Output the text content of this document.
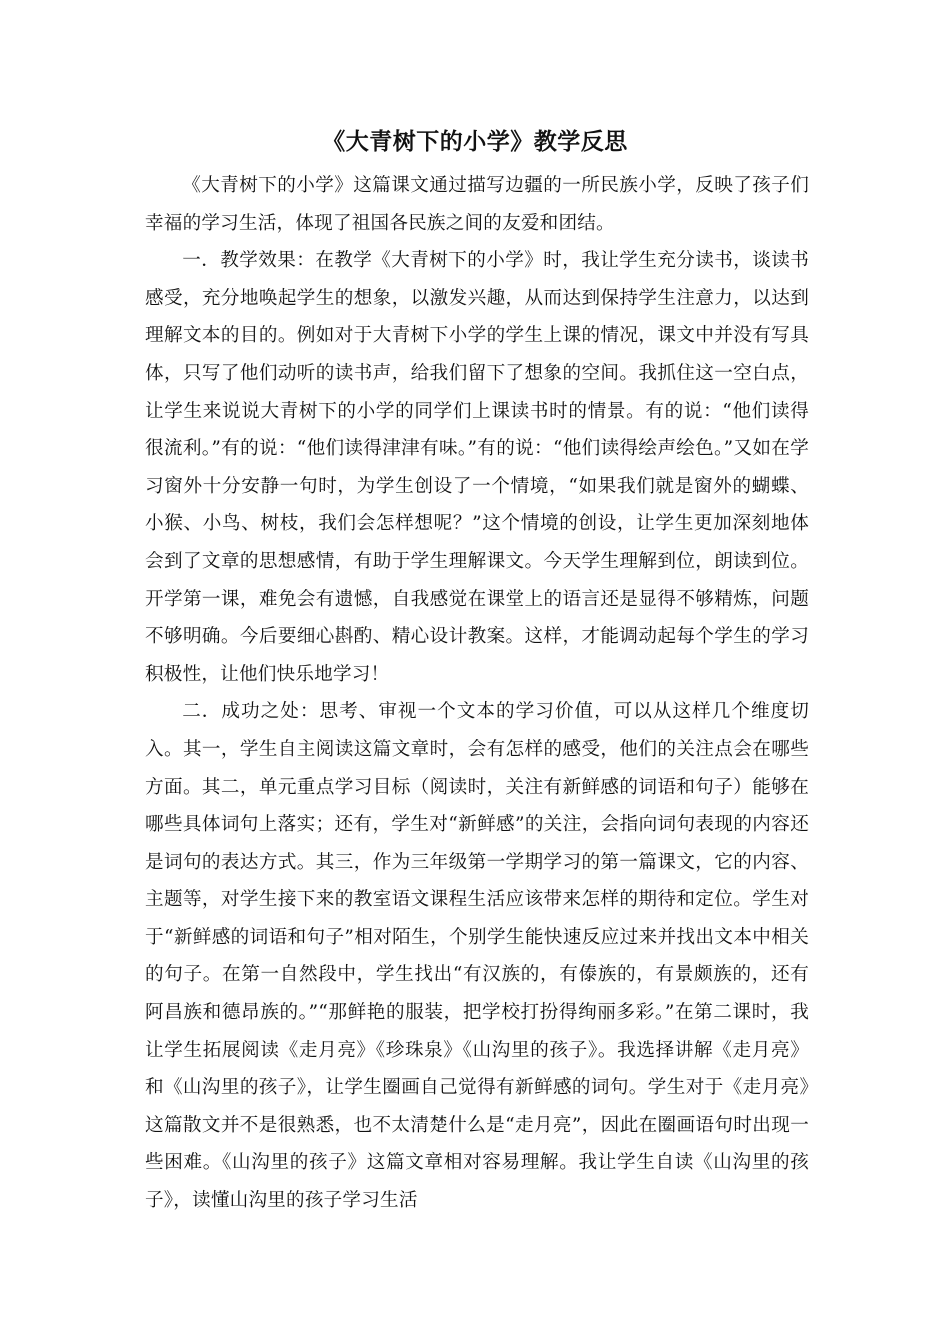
《大青树下的小学》教学反思

《大青树下的小学》这篇课文通过描写边疆的一所民族小学，反映了孩子们幸福的学习生活，体现了祖国各民族之间的友爱和团结。

一．教学效果：在教学《大青树下的小学》时，我让学生充分读书，谈读书感受，充分地唤起学生的想象，以激发兴趣，从而达到保持学生注意力，以达到理解文本的目的。例如对于大青树下小学的学生上课的情况，课文中并没有写具体，只写了他们动听的读书声，给我们留下了想象的空间。我抓住这一空白点，让学生来说说大青树下的小学的同学们上课读书时的情景。有的说：“他们读得很流利。”有的说：“他们读得津津有味。”有的说：“他们读得绘声绘色。”又如在学习窗外十分安静一句时，为学生创设了一个情境，“如果我们就是窗外的蝴蝶、小猴、小鸟、树枝，我们会怎样想呢？”这个情境的创设，让学生更加深刻地体会到了文章的思想感情，有助于学生理解课文。今天学生理解到位，朗读到位。开学第一课，难免会有遗憾，自我感觉在课堂上的语言还是显得不够精炼，问题不够明确。今后要细心斟酌、精心设计教案。这样，才能调动起每个学生的学习积极性，让他们快乐地学习！

二．成功之处：思考、审视一个文本的学习价值，可以从这样几个维度切入。其一，学生自主阅读这篇文章时，会有怎样的感受，他们的关注点会在哪些方面。其二，单元重点学习目标（阅读时，关注有新鲜感的词语和句子）能够在哪些具体词句上落实；还有，学生对“新鲜感”的关注，会指向词句表现的内容还是词句的表达方式。其三，作为三年级第一学期学习的第一篇课文，它的内容、主题等，对学生接下来的教室语文课程生活应该带来怎样的期待和定位。学生对于“新鲜感的词语和句子”相对陌生，个别学生能快速反应过来并找出文本中相关的句子。在第一自然段中，学生找出“有汉族的，有傣族的，有景颇族的，还有阿昌族和德昂族的。”“那鲜艳的服装，把学校打扮得绚丽多彩。”在第二课时，我让学生拓展阅读《走月亮》《珍珠泉》《山沟里的孩子》。我选择讲解《走月亮》和《山沟里的孩子》，让学生圈画自己觉得有新鲜感的词句。学生对于《走月亮》这篇散文并不是很熟悉，也不太清楚什么是“走月亮”，因此在圈画语句时出现一些困难。《山沟里的孩子》这篇文章相对容易理解。我让学生自读《山沟里的孩子》，读懂山沟里的孩子学习生活
